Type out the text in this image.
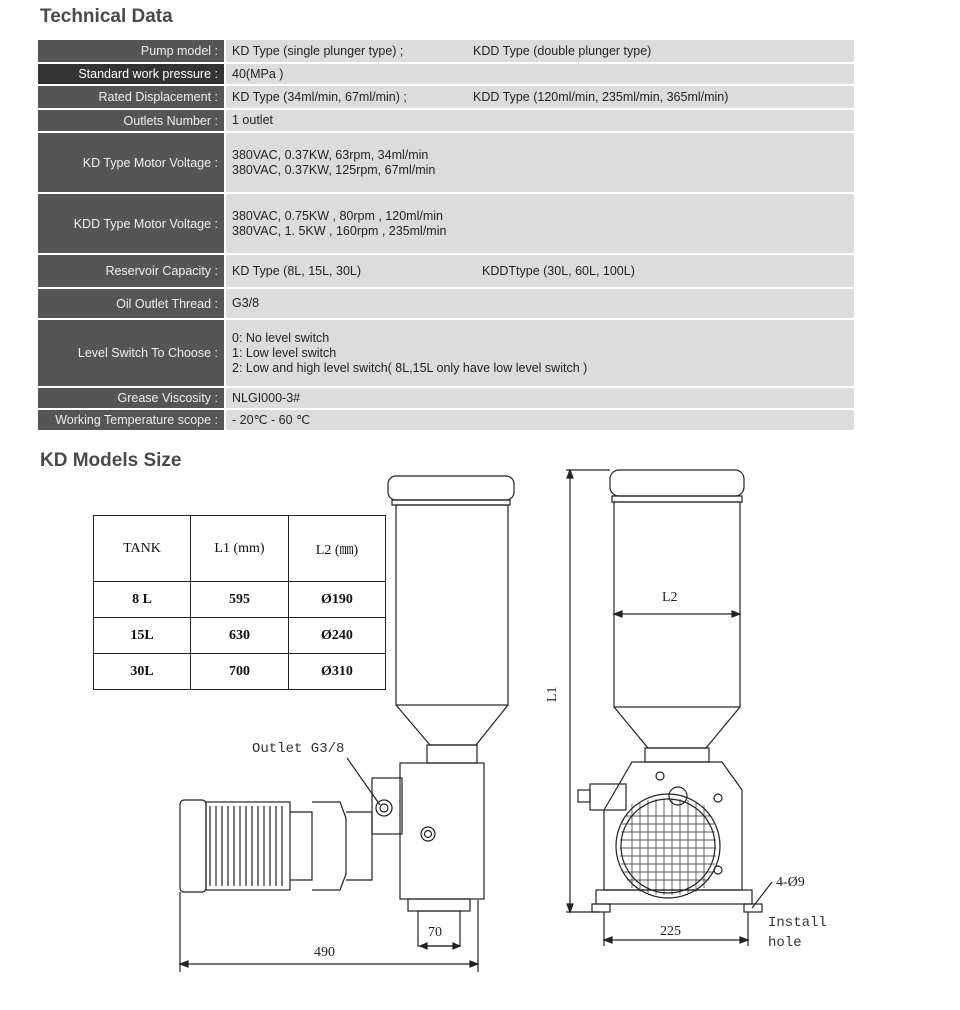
Technical Data
Pump model :	KD Type (single plunger type) ;	KDD Type (double plunger type)
Standard work pressure :	40(MPa )
Rated Displacement :	KD Type (34ml/min, 67ml/min) ;	KDD Type (120ml/min, 235ml/min, 365ml/min)
Outlets Number :	1 outlet
KD Type Motor Voltage :
380VAC, 0.37KW, 63rpm, 34ml/min
380VAC, 0.37KW, 125rpm, 67ml/min
KDD Type Motor Voltage :
380VAC, 0.75KW , 80rpm , 120ml/min
380VAC, 1. 5KW , 160rpm , 235ml/min
Reservoir Capacity :	KD Type (8L, 15L, 30L)	KDDTtype (30L, 60L, 100L)
Oil Outlet Thread :	G3/8
Level Switch To Choose :
0: No level switch
1: Low level switch
2: Low and high level switch( 8L,15L only have low level switch )
Grease Viscosity :	NLGI000-3#
Working Temperature scope :	- 20℃ - 60 ℃
KD Models Size
TANK	L1 (mm)	L2 (㎜)
8 L	595	Ø190
15L	630	Ø240
30L	700	Ø310
Outlet G3/8
490
70
L2
L1
225
4-Ø9
Install
hole
